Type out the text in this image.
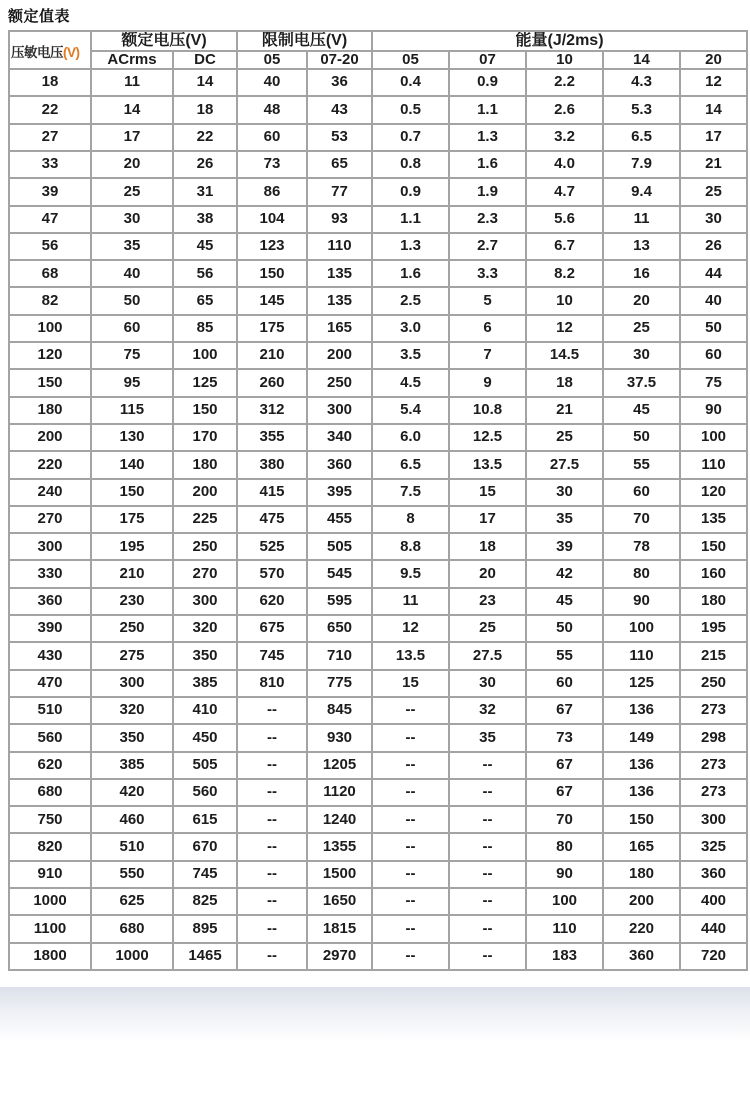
额定值表
压敏电压(V)	额定电压(V)		限制电压(V)		能量(J/2ms)				
	ACrms	DC	05	07-20	05	07	10	14	20
18	11	14	40	36	0.4	0.9	2.2	4.3	12
22	14	18	48	43	0.5	1.1	2.6	5.3	14
27	17	22	60	53	0.7	1.3	3.2	6.5	17
33	20	26	73	65	0.8	1.6	4.0	7.9	21
39	25	31	86	77	0.9	1.9	4.7	9.4	25
47	30	38	104	93	1.1	2.3	5.6	11	30
56	35	45	123	110	1.3	2.7	6.7	13	26
68	40	56	150	135	1.6	3.3	8.2	16	44
82	50	65	145	135	2.5	5	10	20	40
100	60	85	175	165	3.0	6	12	25	50
120	75	100	210	200	3.5	7	14.5	30	60
150	95	125	260	250	4.5	9	18	37.5	75
180	115	150	312	300	5.4	10.8	21	45	90
200	130	170	355	340	6.0	12.5	25	50	100
220	140	180	380	360	6.5	13.5	27.5	55	110
240	150	200	415	395	7.5	15	30	60	120
270	175	225	475	455	8	17	35	70	135
300	195	250	525	505	8.8	18	39	78	150
330	210	270	570	545	9.5	20	42	80	160
360	230	300	620	595	11	23	45	90	180
390	250	320	675	650	12	25	50	100	195
430	275	350	745	710	13.5	27.5	55	110	215
470	300	385	810	775	15	30	60	125	250
510	320	410	--	845	--	32	67	136	273
560	350	450	--	930	--	35	73	149	298
620	385	505	--	1205	--	--	67	136	273
680	420	560	--	1120	--	--	67	136	273
750	460	615	--	1240	--	--	70	150	300
820	510	670	--	1355	--	--	80	165	325
910	550	745	--	1500	--	--	90	180	360
1000	625	825	--	1650	--	--	100	200	400
1100	680	895	--	1815	--	--	110	220	440
1800	1000	1465	--	2970	--	--	183	360	720
